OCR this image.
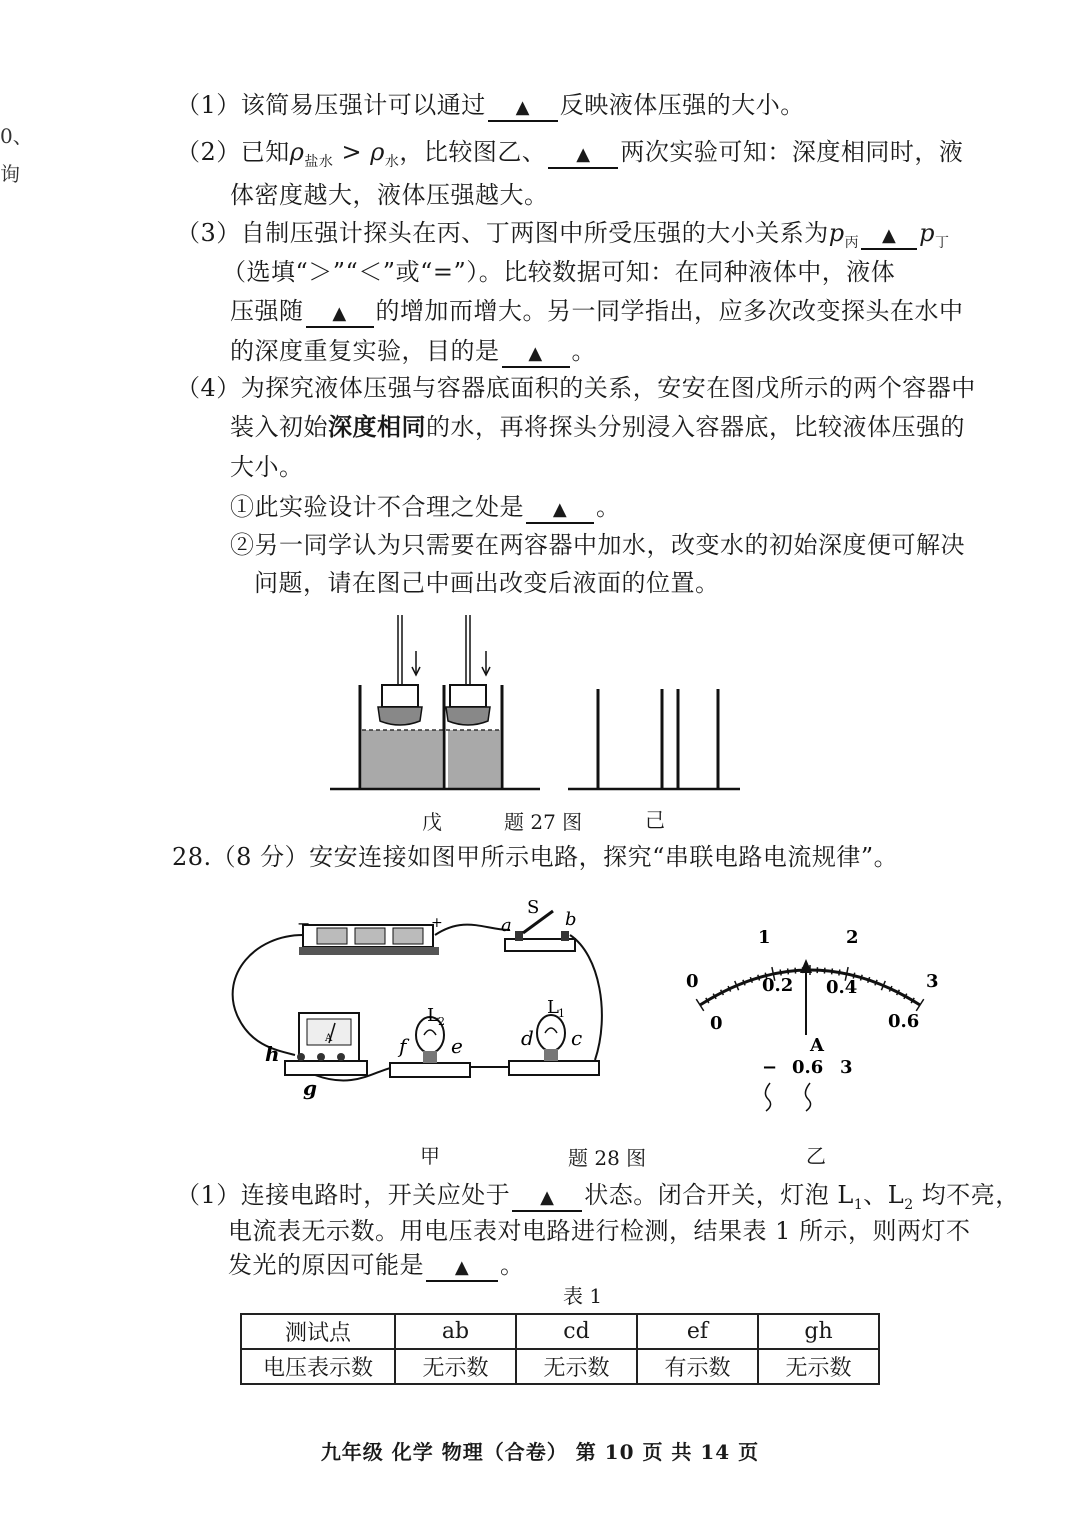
0、
询
（1）该简易压强计可以通过 ▲ 反映液体压强的大小。
（2）已知$\rho_{盐水} > \rho_水$，比较图乙、 ▲ 两次实验可知：深度相同时，液
体密度越大，液体压强越大。
（3）自制压强计探头在丙、丁两图中所受压强的大小关系为$p_丙$ ▲ $p_丁$
（选填“＞”“＜”或“=”）。比较数据可知：在同种液体中，液体
压强随 ▲ 的增加而增大。另一同学指出，应多次改变探头在水中
的深度重复实验，目的是 ▲ 。
（4）为探究液体压强与容器底面积的关系，安安在图戊所示的两个容器中
装入初始深度相同的水，再将探头分别浸入容器底，比较液体压强的
大小。
①此实验设计不合理之处是 ▲ 。
②另一同学认为只需要在两容器中加水，改变水的初始深度便可解决
问题，请在图己中画出改变后液面的位置。
戊	题 27 图	己
28.（8 分）安安连接如图甲所示电路，探究“串联电路电流规律”。
−	+
S
a	b
A
h
g
L 2
f e
L 1
d c
0
1	2
3
0
0.2 0.4
0.6
A
− 0.6 3
甲	题 28 图	乙
（1）连接电路时，开关应处于 ▲ 状态。闭合开关，灯泡 $L_1$、$L_2$ 均不亮，
电流表无示数。用电压表对电路进行检测，结果表 1 所示，则两灯不
发光的原因可能是 ▲ 。
表 1
测试点	ab	cd	ef	gh
电压表示数	无示数	无示数	有示数	无示数
九年级 化学 物理（合卷） 第 10 页 共 14 页
